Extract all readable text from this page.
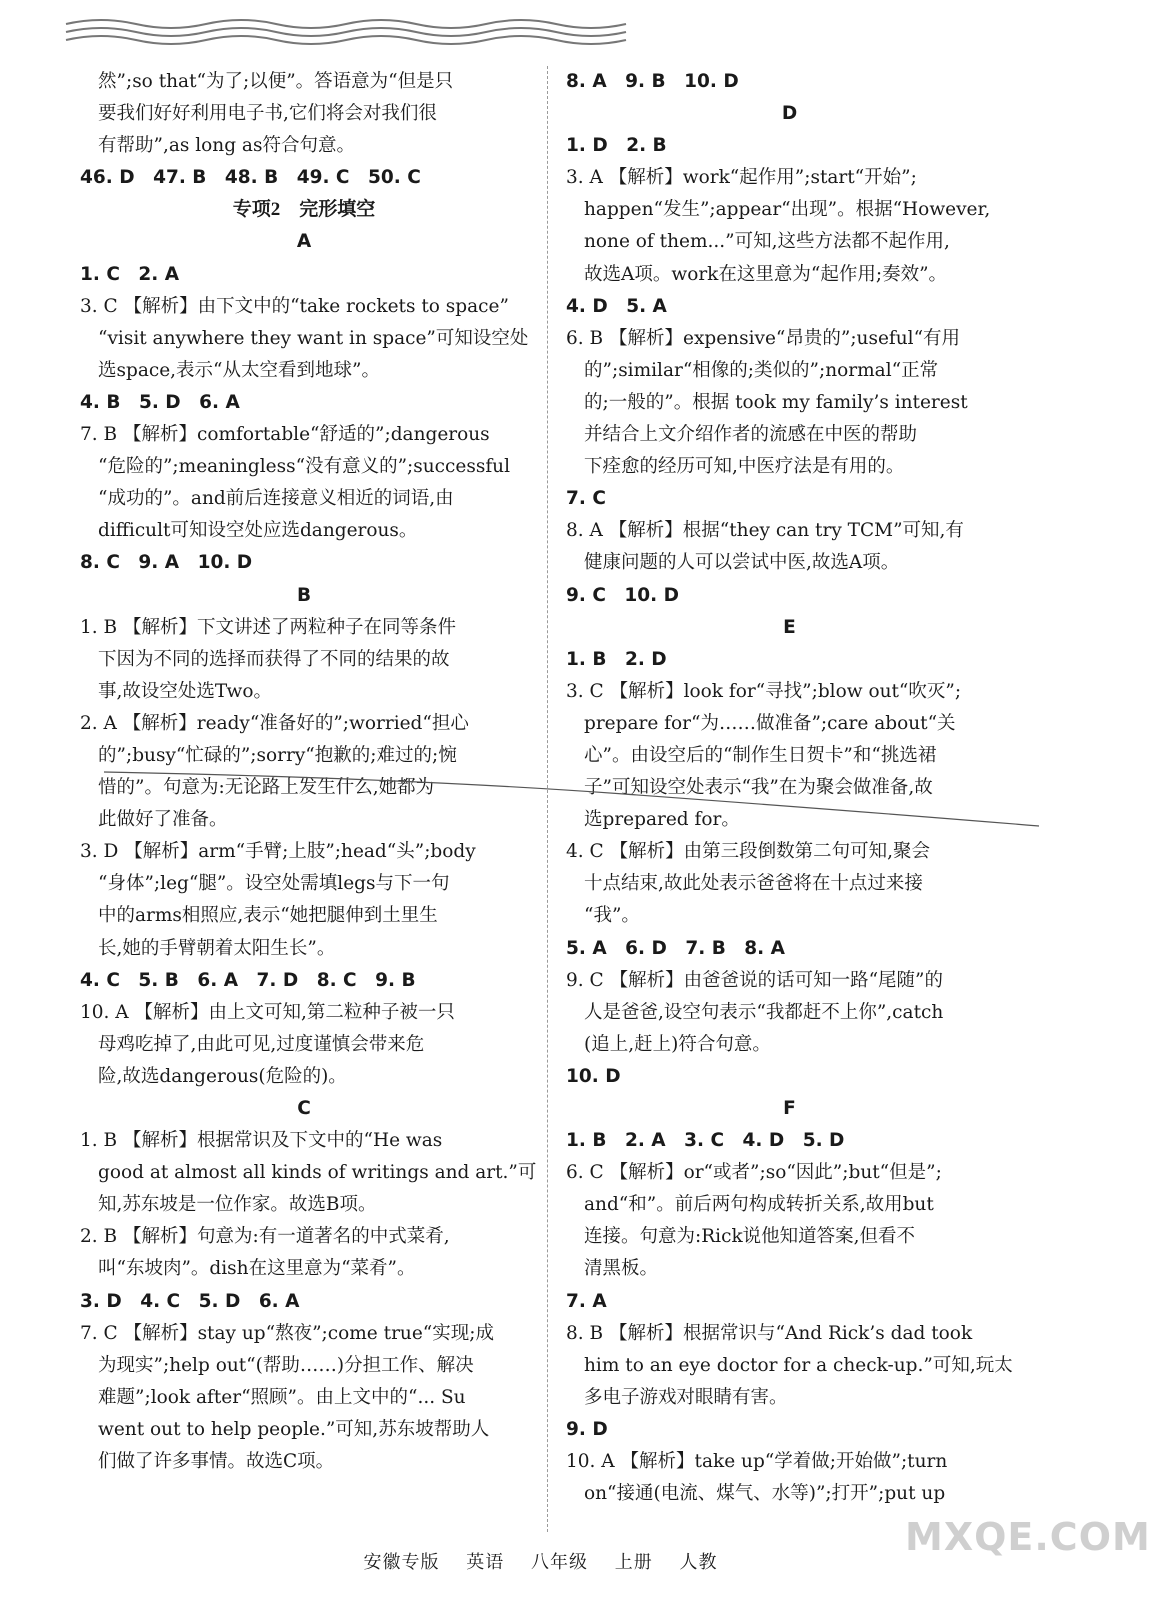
然”;so that“为了;以便”。答语意为“但是只
要我们好好利用电子书,它们将会对我们很
有帮助”,as long as符合句意。
46. D　47. B　48. B　49. C　50. C
专项2　完形填空
A
1. C　2. A
3. C 【解析】由下文中的“take rockets to space”
“visit anywhere they want in space”可知设空处
选space,表示“从太空看到地球”。
4. B　5. D　6. A
7. B 【解析】comfortable“舒适的”;dangerous
“危险的”;meaningless“没有意义的”;successful
“成功的”。and前后连接意义相近的词语,由
difficult可知设空处应选dangerous。
8. C　9. A　10. D
B
1. B 【解析】下文讲述了两粒种子在同等条件
下因为不同的选择而获得了不同的结果的故
事,故设空处选Two。
2. A 【解析】ready“准备好的”;worried“担心
的”;busy“忙碌的”;sorry“抱歉的;难过的;惋
惜的”。句意为:无论路上发生什么,她都为
此做好了准备。
3. D 【解析】arm“手臂;上肢”;head“头”;body
“身体”;leg“腿”。设空处需填legs与下一句
中的arms相照应,表示“她把腿伸到土里生
长,她的手臂朝着太阳生长”。
4. C　5. B　6. A　7. D　8. C　9. B
10. A 【解析】由上文可知,第二粒种子被一只
母鸡吃掉了,由此可见,过度谨慎会带来危
险,故选dangerous(危险的)。
C
1. B 【解析】根据常识及下文中的“He was
good at almost all kinds of writings and art.”可
知,苏东坡是一位作家。故选B项。
2. B 【解析】句意为:有一道著名的中式菜肴,
叫“东坡肉”。dish在这里意为“菜肴”。
3. D　4. C　5. D　6. A
7. C 【解析】stay up“熬夜”;come true“实现;成
为现实”;help out“(帮助……)分担工作、解决
难题”;look after“照顾”。由上文中的“... Su
went out to help people.”可知,苏东坡帮助人
们做了许多事情。故选C项。
8. A　9. B　10. D
D
1. D　2. B
3. A 【解析】work“起作用”;start“开始”;
happen“发生”;appear“出现”。根据“However,
none of them...”可知,这些方法都不起作用,
故选A项。work在这里意为“起作用;奏效”。
4. D　5. A
6. B 【解析】expensive“昂贵的”;useful“有用
的”;similar“相像的;类似的”;normal“正常
的;一般的”。根据 took my family’s interest
并结合上文介绍作者的流感在中医的帮助
下痊愈的经历可知,中医疗法是有用的。
7. C
8. A 【解析】根据“they can try TCM”可知,有
健康问题的人可以尝试中医,故选A项。
9. C　10. D
E
1. B　2. D
3. C 【解析】look for“寻找”;blow out“吹灭”;
prepare for“为……做准备”;care about“关
心”。由设空后的“制作生日贺卡”和“挑选裙
子”可知设空处表示“我”在为聚会做准备,故
选prepared for。
4. C 【解析】由第三段倒数第二句可知,聚会
十点结束,故此处表示爸爸将在十点过来接
“我”。
5. A　6. D　7. B　8. A
9. C 【解析】由爸爸说的话可知一路“尾随”的
人是爸爸,设空句表示“我都赶不上你”,catch
(追上,赶上)符合句意。
10. D
F
1. B　2. A　3. C　4. D　5. D
6. C 【解析】or“或者”;so“因此”;but“但是”;
and“和”。前后两句构成转折关系,故用but
连接。句意为:Rick说他知道答案,但看不
清黑板。
7. A
8. B 【解析】根据常识与“And Rick’s dad took
him to an eye doctor for a check-up.”可知,玩太
多电子游戏对眼睛有害。
9. D
10. A 【解析】take up“学着做;开始做”;turn
on“接通(电流、煤气、水等)”;打开”;put up
安徽专版 英语 八年级 上册 人教
MXQE.COM
